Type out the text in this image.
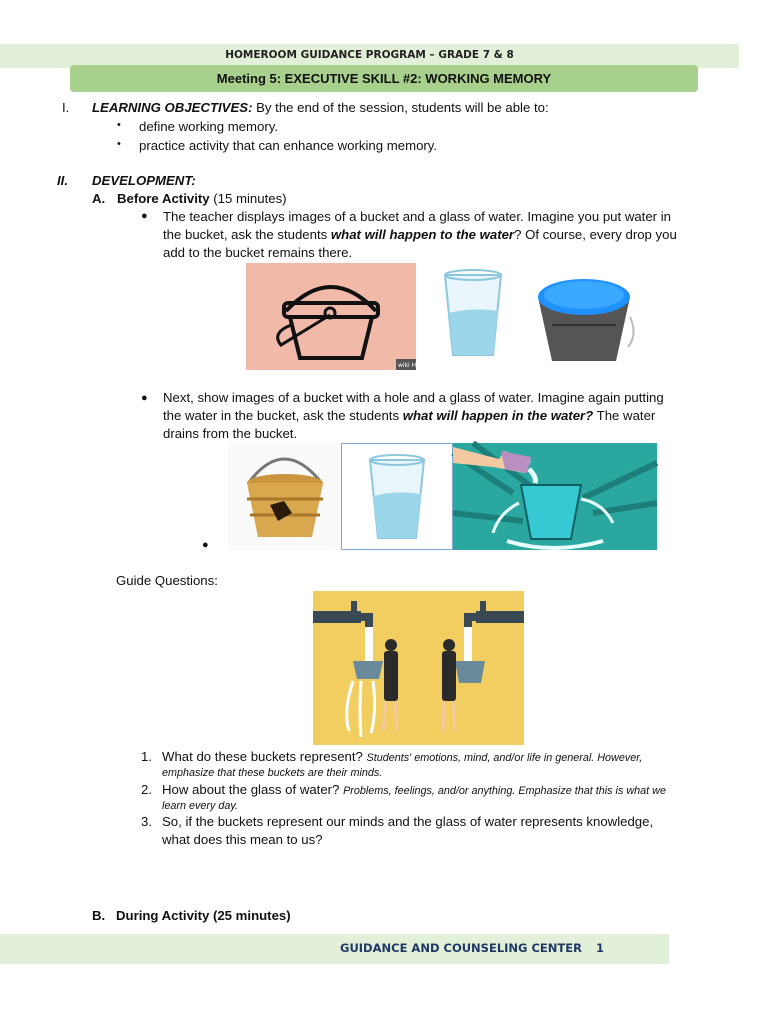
HOMEROOM GUIDANCE PROGRAM – GRADE 7 & 8
Meeting 5: EXECUTIVE SKILL #2: WORKING MEMORY
I. LEARNING OBJECTIVES: By the end of the session, students will be able to:
• define working memory.
• practice activity that can enhance working memory.
II. DEVELOPMENT:
A. Before Activity (15 minutes)
● The teacher displays images of a bucket and a glass of water. Imagine you put water in
the bucket, ask the students what will happen to the water? Of course, every drop you
add to the bucket remains there.
wiki How
● Next, show images of a bucket with a hole and a glass of water. Imagine again putting
the water in the bucket, ask the students what will happen in the water? The water
drains from the bucket.
●
Guide Questions:
1. What do these buckets represent? Students' emotions, mind, and/or life in general. However,
emphasize that these buckets are their minds.
2. How about the glass of water? Problems, feelings, and/or anything. Emphasize that this is what we
learn every day.
3. So, if the buckets represent our minds and the glass of water represents knowledge,
what does this mean to us?
B. During Activity (25 minutes)
GUIDANCE AND COUNSELING CENTER 1
